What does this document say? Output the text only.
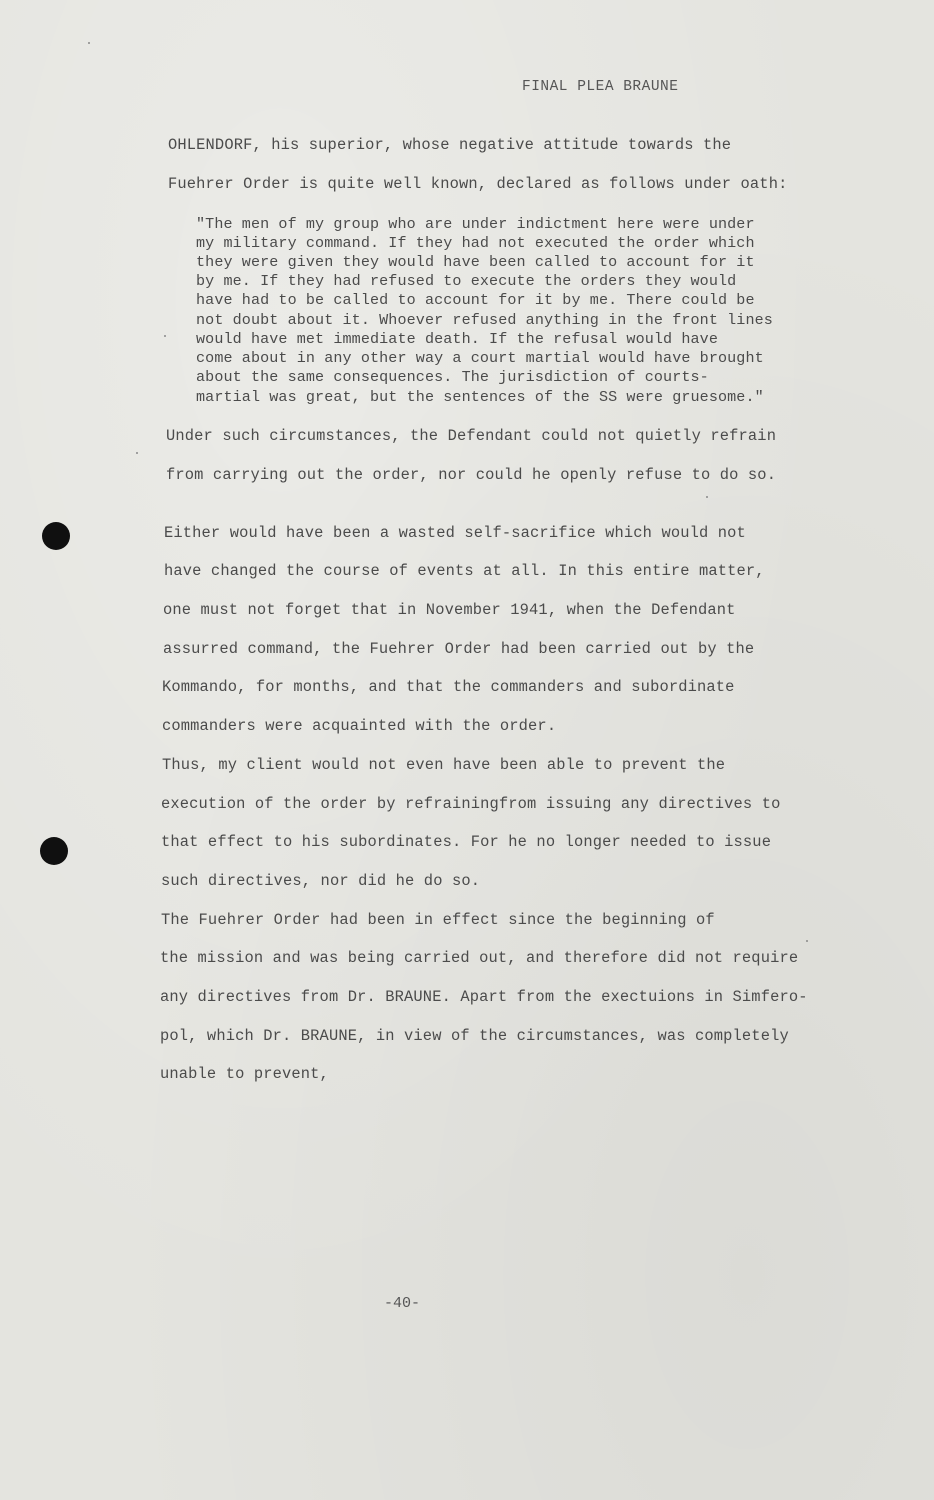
FINAL PLEA BRAUNE
OHLENDORF, his superior, whose negative attitude towards the
Fuehrer Order is quite well known, declared as follows under oath:
"The men of my group who are under indictment here were under
my military command. If they had not executed the order which
they were given they would have been called to account for it
by me. If they had refused to execute the orders they would
have had to be called to account for it by me. There could be
not doubt about it. Whoever refused anything in the front lines
would have met immediate death. If the refusal would have
come about in any other way a court martial would have brought
about the same consequences. The jurisdiction of courts-
martial was great, but the sentences of the SS were gruesome."
Under such circumstances, the Defendant could not quietly refrain
from carrying out the order, nor could he openly refuse to do so.
Either would have been a wasted self-sacrifice which would not
have changed the course of events at all. In this entire matter,
one must not forget that in November 1941, when the Defendant
assurred command, the Fuehrer Order had been carried out by the
Kommando, for months, and that the commanders and subordinate
commanders were acquainted with the order.
Thus, my client would not even have been able to prevent the
execution of the order by refrainingfrom issuing any directives to
that effect to his subordinates. For he no longer needed to issue
such directives, nor did he do so.
The Fuehrer Order had been in effect since the beginning of
the mission and was being carried out, and therefore did not require
any directives from Dr. BRAUNE. Apart from the exectuions in Simfero-
pol, which Dr. BRAUNE, in view of the circumstances, was completely
unable to prevent,
-40-
